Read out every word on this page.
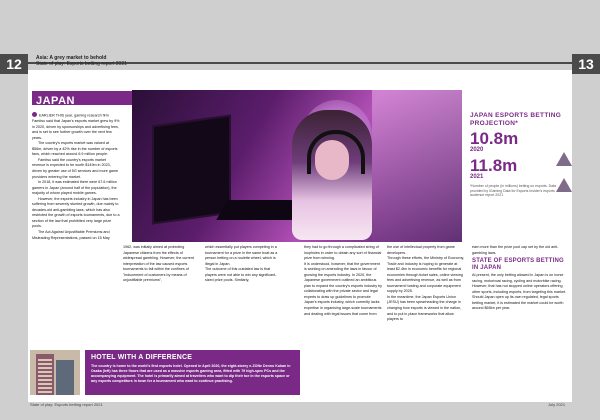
12	13
Asia: A grey market to behold
State of play: Esports betting report 2021
JAPAN

EARLIER THIS year, gaming research firm Famitsu said that Japan's esports market grew by 9% in 2020, driven by sponsorships and advertising fees, and is set to see further growth over the next few years.

The country's esports market was valued at $56m, driven by a 42% rise in the number of esports fans, which reached around 6.9 million people.

Famitsu said the country's esports market revenue is expected to be worth $149m in 2023, driven by greater use of 5G services and more game providers entering the market.

In 2018, it was estimated there were 67.6 million gamers in Japan (around half of the population), the majority of whom played mobile games.

However, the esports industry in Japan has been suffering from severely stunted growth, due mainly to decades-old anti-gambling laws, which has also restricted the growth of esports tournaments, due to a section of the law that prohibited very large prize pools.

The Act Against Unjustifiable Premiums and Misleading Representations, passed on 15 May

1962, was initially aimed at protecting Japanese citizens from the effects of widespread gambling. However, the current interpretation of the law caused esports tournaments to fall within the confines of "inducement of customers by means of unjustifiable premiums",
which essentially put players competing in a tournament for a prize in the same boat as a person betting on a roulette wheel, which is illegal in Japan.
The outcome of this outdated law is that players were not able to win any significant-sized prize pools. Similarly,
they had to go through a complicated string of loopholes in order to obtain any sort of financial prize from winning.
It is understood, however, that the government is working on amending the laws in favour of growing the esports industry. In 2020, the Japanese government outlined an ambitious plan to expand the country's esports industry by collaborating with the private sector and legal experts to draw up guidelines to promote Japan's esports industry, which currently lacks expertise in organising large-scale tournaments and dealing with legal issues that come from
the use of intellectual property from game developers.
Through these efforts, the Ministry of Economy, Trade and Industry is hoping to generate at least $2.4bn in economic benefits for regional economies through ticket sales, online viewing fees and advertising revenue, as well as from tournament hosting and corporate equipment supply by 2025.
In the meantime, the Japan Esports Union (JESU) has been spearheading the charge in changing how esports is viewed in the nation, and to put in place frameworks that allow players to

earn more than the prize pool cap set by the old anti-gambling laws.

STATE OF ESPORTS BETTING IN JAPAN

At present, the only betting allowed in Japan is on horse racing, motorboat racing, cycling and motorbike racing. However, that has not stopped online operators offering other sports, including esports, from targeting this market. Should Japan open up its own regulated, legal sports betting market, it is estimated the market could be worth around $65bn per year.

JAPAN ESPORTS BETTING PROJECTION*
10.8m
2020
11.8m
2021
*Number of people (in millions) betting on esports. Data provided by iGaming Data for Esports Insider's esports audience report 2021
HOTEL WITH A DIFFERENCE
The country is home to the world's first esports hotel. Opened in April 2020, the eight-storey e-ZONe Denno Kukan in Osaka (left) has three floors that are used as a massive esports gaming area, fitted with 79 high-spec PCs and the accompanying equipment. The hotel is primarily aimed at travellers who want to dip their toe in the esports space or any esports competitors in town for a tournament who want to continue practising.
State of play: Esports betting report 2021	July 2021
